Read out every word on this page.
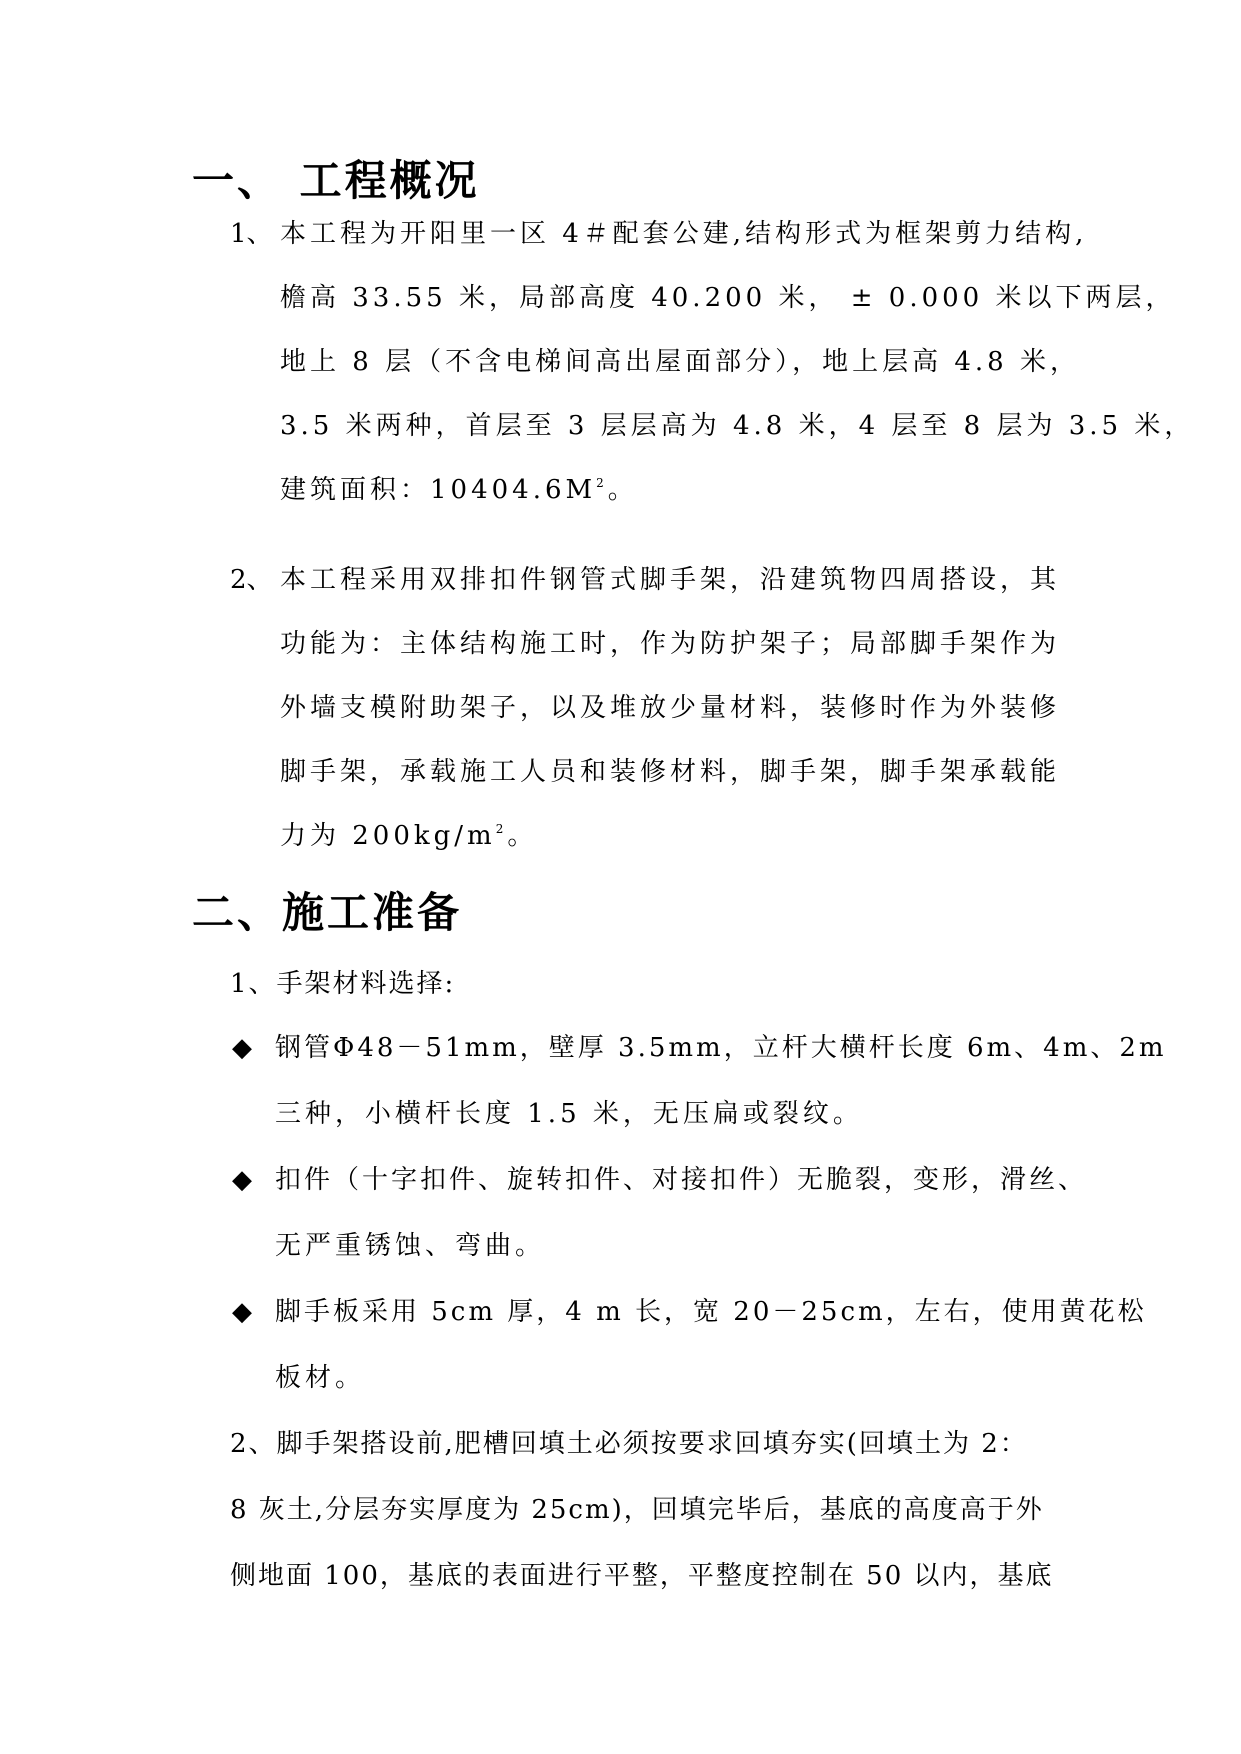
一、 工程概况
1、 本工程为开阳里一区 4＃配套公建,结构形式为框架剪力结构,
檐高 33.55 米，局部高度 40.200 米， ± 0.000 米以下两层，
地上 8 层（不含电梯间高出屋面部分），地上层高 4.8 米，
3.5 米两种，首层至 3 层层高为 4.8 米，4 层至 8 层为 3.5 米，
建筑面积：$10404.6M^2$。
2、 本工程采用双排扣件钢管式脚手架，沿建筑物四周搭设，其
功能为：主体结构施工时，作为防护架子；局部脚手架作为
外墙支模附助架子，以及堆放少量材料，装修时作为外装修
脚手架，承载施工人员和装修材料，脚手架，脚手架承载能
力为 $200kg/m^2$。
二、施工准备
1、手架材料选择:
◆ 钢管Φ48－51mm，壁厚 3.5mm，立杆大横杆长度 6m、4m、2m
三种，小横杆长度 1.5 米，无压扁或裂纹。
◆ 扣件（十字扣件、旋转扣件、对接扣件）无脆裂，变形，滑丝、
无严重锈蚀、弯曲。
◆ 脚手板采用 5cm 厚，4 m 长，宽 20－25cm，左右，使用黄花松
板材。
2、脚手架搭设前,肥槽回填土必须按要求回填夯实(回填土为 2：
8 灰土,分层夯实厚度为 25cm)，回填完毕后，基底的高度高于外
侧地面 100，基底的表面进行平整，平整度控制在 50 以内，基底
